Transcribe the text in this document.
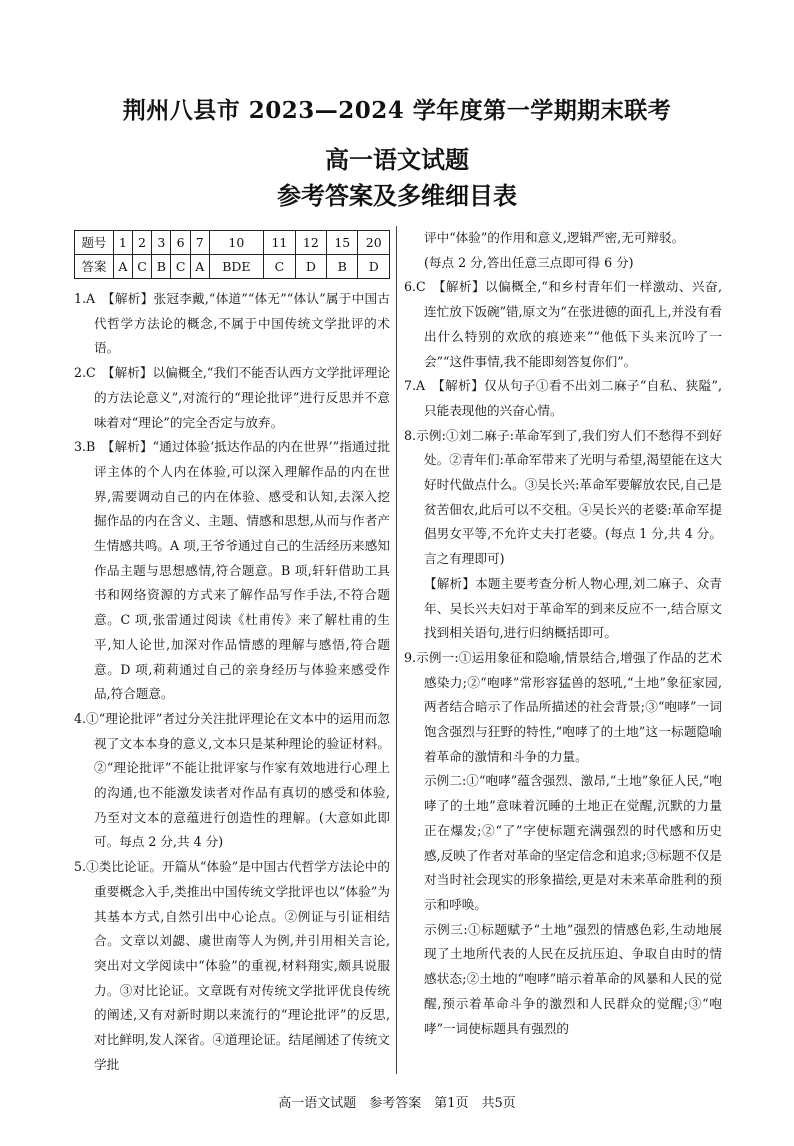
荆州八县市 2023—2024 学年度第一学期期末联考
高一语文试题
参考答案及多维细目表
题号	1	2	3	6	7	10	11	12	15	20
答案	A	C	B	C	A	BDE	C	D	B	D

1.A　【解析】张冠李戴,“体道”“体无”“体认”属于中国古代哲学方法论的概念,不属于中国传统文学批评的术语。

2.C　【解析】以偏概全,“我们不能否认西方文学批评理论的方法论意义”,对流行的“理论批评”进行反思并不意味着对“理论”的完全否定与放弃。

3.B　【解析】“通过体验‘抵达作品的内在世界’”指通过批评主体的个人内在体验,可以深入理解作品的内在世界,需要调动自己的内在体验、感受和认知,去深入挖掘作品的内在含义、主题、情感和思想,从而与作者产生情感共鸣。A 项,王爷爷通过自己的生活经历来感知作品主题与思想感情,符合题意。B 项,轩轩借助工具书和网络资源的方式来了解作品写作手法,不符合题意。C 项,张雷通过阅读《杜甫传》来了解杜甫的生平,知人论世,加深对作品情感的理解与感悟,符合题意。D 项,莉莉通过自己的亲身经历与体验来感受作品,符合题意。

4.①“理论批评”者过分关注批评理论在文本中的运用而忽视了文本本身的意义,文本只是某种理论的验证材料。②“理论批评”不能让批评家与作家有效地进行心理上的沟通,也不能激发读者对作品有真切的感受和体验,乃至对文本的意蕴进行创造性的理解。(大意如此即可。每点 2 分,共 4 分)

5.①类比论证。开篇从“体验”是中国古代哲学方法论中的重要概念入手,类推出中国传统文学批评也以“体验”为其基本方式,自然引出中心论点。②例证与引证相结合。文章以刘勰、虞世南等人为例,并引用相关言论,突出对文学阅读中“体验”的重视,材料翔实,颇具说服力。③对比论证。文章既有对传统文学批评优良传统的阐述,又有对新时期以来流行的“理论批评”的反思,对比鲜明,发人深省。④道理论证。结尾阐述了传统文学批

评中“体验”的作用和意义,逻辑严密,无可辩驳。

(每点 2 分,答出任意三点即可得 6 分)

6.C　【解析】以偏概全,“和乡村青年们一样激动、兴奋,连忙放下饭碗”错,原文为“在张进德的面孔上,并没有看出什么特别的欢欣的痕迹来”“他低下头来沉吟了一会”“这件事情,我不能即刻答复你们”。

7.A　【解析】仅从句子①看不出刘二麻子“自私、狭隘”,只能表现他的兴奋心情。

8.示例:①刘二麻子:革命军到了,我们穷人们不愁得不到好处。②青年们:革命军带来了光明与希望,渴望能在这大好时代做点什么。③吴长兴:革命军要解放农民,自己是贫苦佃农,此后可以不交租。④吴长兴的老婆:革命军提倡男女平等,不允许丈夫打老婆。(每点 1 分,共 4 分。言之有理即可)

【解析】本题主要考查分析人物心理,刘二麻子、众青年、吴长兴夫妇对于革命军的到来反应不一,结合原文找到相关语句,进行归纳概括即可。

9.示例一:①运用象征和隐喻,情景结合,增强了作品的艺术感染力;②“咆哮”常形容猛兽的怒吼,“土地”象征家园,两者结合暗示了作品所描述的社会背景;③“咆哮”一词饱含强烈与狂野的特性,“咆哮了的土地”这一标题隐喻着革命的激情和斗争的力量。

示例二:①“咆哮”蕴含强烈、激昂,“土地”象征人民,“咆哮了的土地”意味着沉睡的土地正在觉醒,沉默的力量正在爆发;②“了”字使标题充满强烈的时代感和历史感,反映了作者对革命的坚定信念和追求;③标题不仅是对当时社会现实的形象描绘,更是对未来革命胜利的预示和呼唤。

示例三:①标题赋予“土地”强烈的情感色彩,生动地展现了土地所代表的人民在反抗压迫、争取自由时的情感状态;②土地的“咆哮”暗示着革命的风暴和人民的觉醒,预示着革命斗争的激烈和人民群众的觉醒;③“咆哮”一词使标题具有强烈的

高一语文试题　参考答案　第1页　共5页
